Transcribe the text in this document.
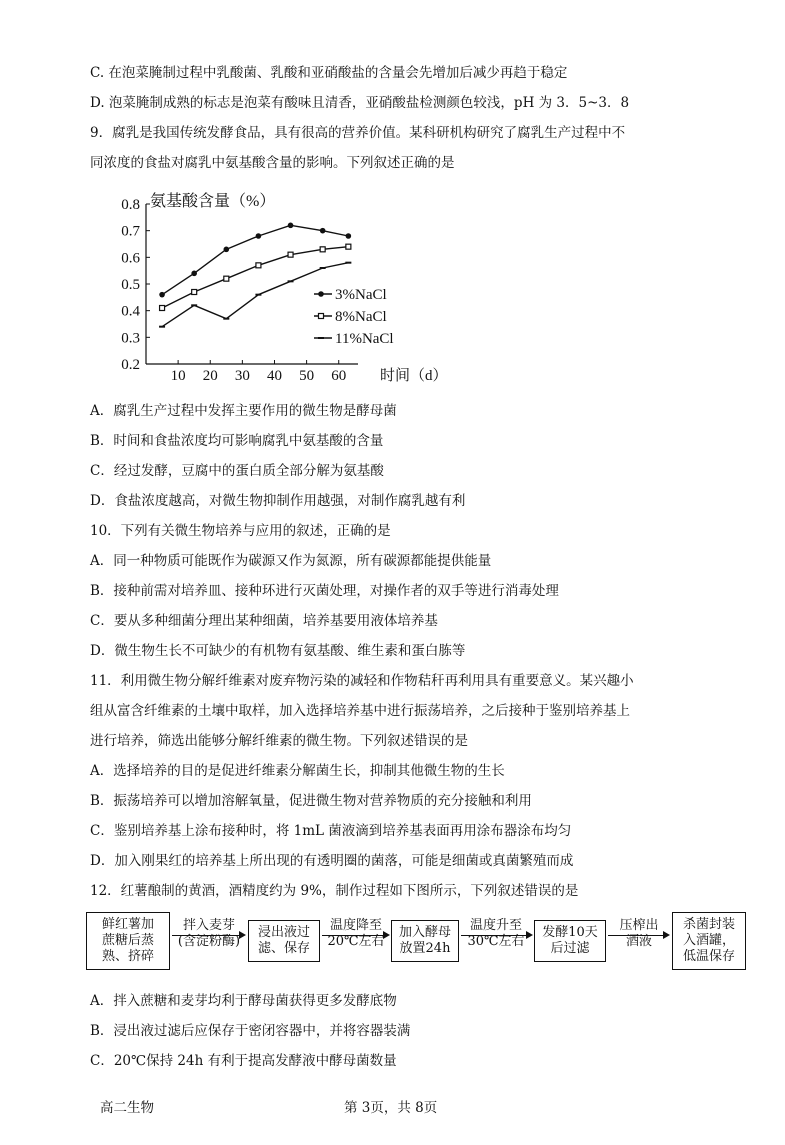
C. 在泡菜腌制过程中乳酸菌、乳酸和亚硝酸盐的含量会先增加后减少再趋于稳定
D. 泡菜腌制成熟的标志是泡菜有酸味且清香，亚硝酸盐检测颜色较浅，pH 为 3．5~3．8
9．腐乳是我国传统发酵食品，具有很高的营养价值。某科研机构研究了腐乳生产过程中不
同浓度的食盐对腐乳中氨基酸含量的影响。下列叙述正确的是
0.2
0.3
0.4
0.5
0.6
0.7
0.8
10 20 30 40 50 60
3%NaCl
8%NaCl
11%NaCl
氨基酸含量（%）
时间（d）
A．腐乳生产过程中发挥主要作用的微生物是酵母菌
B．时间和食盐浓度均可影响腐乳中氨基酸的含量
C．经过发酵，豆腐中的蛋白质全部分解为氨基酸
D．食盐浓度越高，对微生物抑制作用越强，对制作腐乳越有利
10．下列有关微生物培养与应用的叙述，正确的是
A．同一种物质可能既作为碳源又作为氮源，所有碳源都能提供能量
B．接种前需对培养皿、接种环进行灭菌处理，对操作者的双手等进行消毒处理
C．要从多种细菌分理出某种细菌，培养基要用液体培养基
D．微生物生长不可缺少的有机物有氨基酸、维生素和蛋白胨等
11．利用微生物分解纤维素对废弃物污染的减轻和作物秸秆再利用具有重要意义。某兴趣小
组从富含纤维素的土壤中取样，加入选择培养基中进行振荡培养，之后接种于鉴别培养基上
进行培养，筛选出能够分解纤维素的微生物。下列叙述错误的是
A．选择培养的目的是促进纤维素分解菌生长，抑制其他微生物的生长
B．振荡培养可以增加溶解氧量，促进微生物对营养物质的充分接触和利用
C．鉴别培养基上涂布接种时，将 1mL 菌液滴到培养基表面再用涂布器涂布均匀
D．加入刚果红的培养基上所出现的有透明圈的菌落，可能是细菌或真菌繁殖而成
12．红薯酿制的黄酒，酒精度约为 9%，制作过程如下图所示，下列叙述错误的是
鲜红薯加
蔗糖后蒸
熟、挤碎
拌入麦芽
(含淀粉酶)
浸出液过
滤、保存
温度降至
20℃左右
加入酵母
放置24h
温度升至
30℃左右
发酵10天
后过滤
压榨出
酒液
杀菌封装
入酒罐，
低温保存
A．拌入蔗糖和麦芽均利于酵母菌获得更多发酵底物
B．浸出液过滤后应保存于密闭容器中，并将容器装满
C．20℃保持 24h 有利于提高发酵液中酵母菌数量
高二生物	第 3页，共 8页
